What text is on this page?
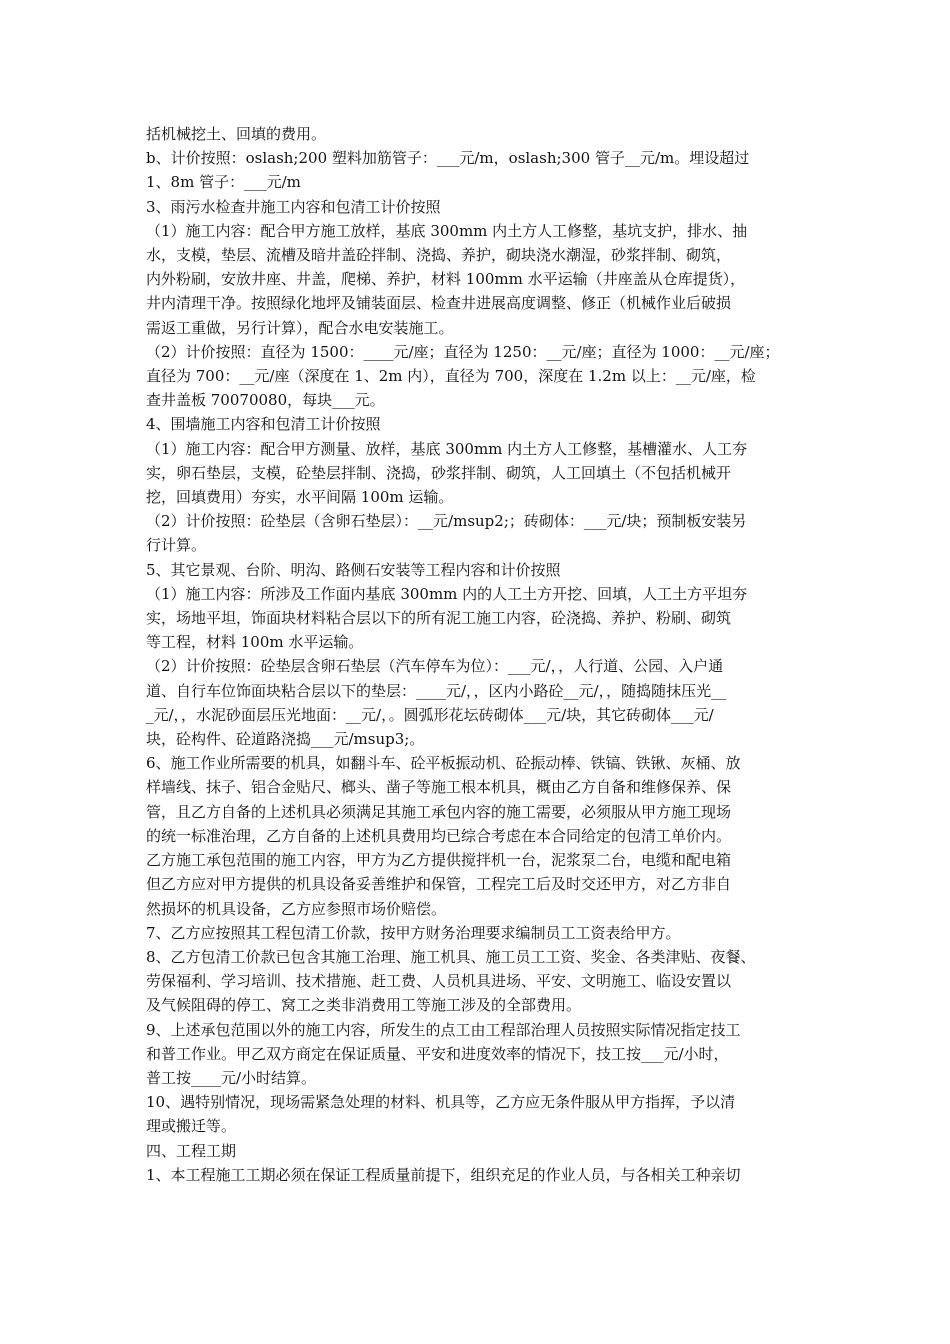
括机械挖土、回填的费用。

b、计价按照：oslash;200 塑料加筋管子：___元/m，oslash;300 管子__元/m。埋设超过

1、8m 管子：___元/m

3、雨污水检查井施工内容和包清工计价按照

（1）施工内容：配合甲方施工放样，基底 300mm 内土方人工修整，基坑支护，排水、抽

水，支模，垫层、流槽及暗井盖砼拌制、浇捣、养护，砌块浇水潮湿，砂浆拌制、砌筑，

内外粉刷，安放井座、井盖，爬梯、养护，材料 100mm 水平运输（井座盖从仓库提货），

井内清理干净。按照绿化地坪及铺装面层、检查井进展高度调整、修正（机械作业后破损

需返工重做，另行计算），配合水电安装施工。

（2）计价按照：直径为 1500：____元/座；直径为 1250：__元/座；直径为 1000：__元/座；

直径为 700：__元/座（深度在 1、2m 内），直径为 700，深度在 1.2m 以上：__元/座，检

查井盖板 70070080，每块___元。

4、围墙施工内容和包清工计价按照

（1）施工内容：配合甲方测量、放样，基底 300mm 内土方人工修整，基槽灌水、人工夯

实，卵石垫层，支模，砼垫层拌制、浇捣，砂浆拌制、砌筑，人工回填土（不包括机械开

挖，回填费用）夯实，水平间隔 100m 运输。

（2）计价按照：砼垫层（含卵石垫层）：__元/msup2;；砖砌体：___元/块；预制板安装另

行计算。

5、其它景观、台阶、明沟、路侧石安装等工程内容和计价按照

（1）施工内容：所涉及工作面内基底 300mm 内的人工土方开挖、回填，人工土方平坦夯

实，场地平坦，饰面块材料粘合层以下的所有泥工施工内容，砼浇捣、养护、粉刷、砌筑

等工程，材料 100m 水平运输。

（2）计价按照：砼垫层含卵石垫层（汽车停车为位）：___元/，，人行道、公园、入户通

道、自行车位饰面块粘合层以下的垫层：____元/，，区内小路砼__元/，，随捣随抹压光__

_元/，，水泥砂面层压光地面：__元/，。圆弧形花坛砖砌体___元/块，其它砖砌体___元/

块，砼构件、砼道路浇捣___元/msup3;。

6、施工作业所需要的机具，如翻斗车、砼平板振动机、砼振动棒、铁镐、铁锹、灰桶、放

样墙线、抹子、铝合金贴尺、榔头、凿子等施工根本机具，概由乙方自备和维修保养、保

管，且乙方自备的上述机具必须满足其施工承包内容的施工需要，必须服从甲方施工现场

的统一标准治理，乙方自备的上述机具费用均已综合考虑在本合同给定的包清工单价内。

乙方施工承包范围的施工内容，甲方为乙方提供搅拌机一台，泥浆泵二台，电缆和配电箱

但乙方应对甲方提供的机具设备妥善维护和保管，工程完工后及时交还甲方，对乙方非自

然损坏的机具设备，乙方应参照市场价赔偿。

7、乙方应按照其工程包清工价款，按甲方财务治理要求编制员工工资表给甲方。

8、乙方包清工价款已包含其施工治理、施工机具、施工员工工资、奖金、各类津贴、夜餐、

劳保福利、学习培训、技术措施、赶工费、人员机具进场、平安、文明施工、临设安置以

及气候阻碍的停工、窝工之类非消费用工等施工涉及的全部费用。

9、上述承包范围以外的施工内容，所发生的点工由工程部治理人员按照实际情况指定技工

和普工作业。甲乙双方商定在保证质量、平安和进度效率的情况下，技工按___元/小时，

普工按____元/小时结算。

10、遇特别情况，现场需紧急处理的材料、机具等，乙方应无条件服从甲方指挥，予以清

理或搬迁等。

四、工程工期

1、本工程施工工期必须在保证工程质量前提下，组织充足的作业人员，与各相关工种亲切
